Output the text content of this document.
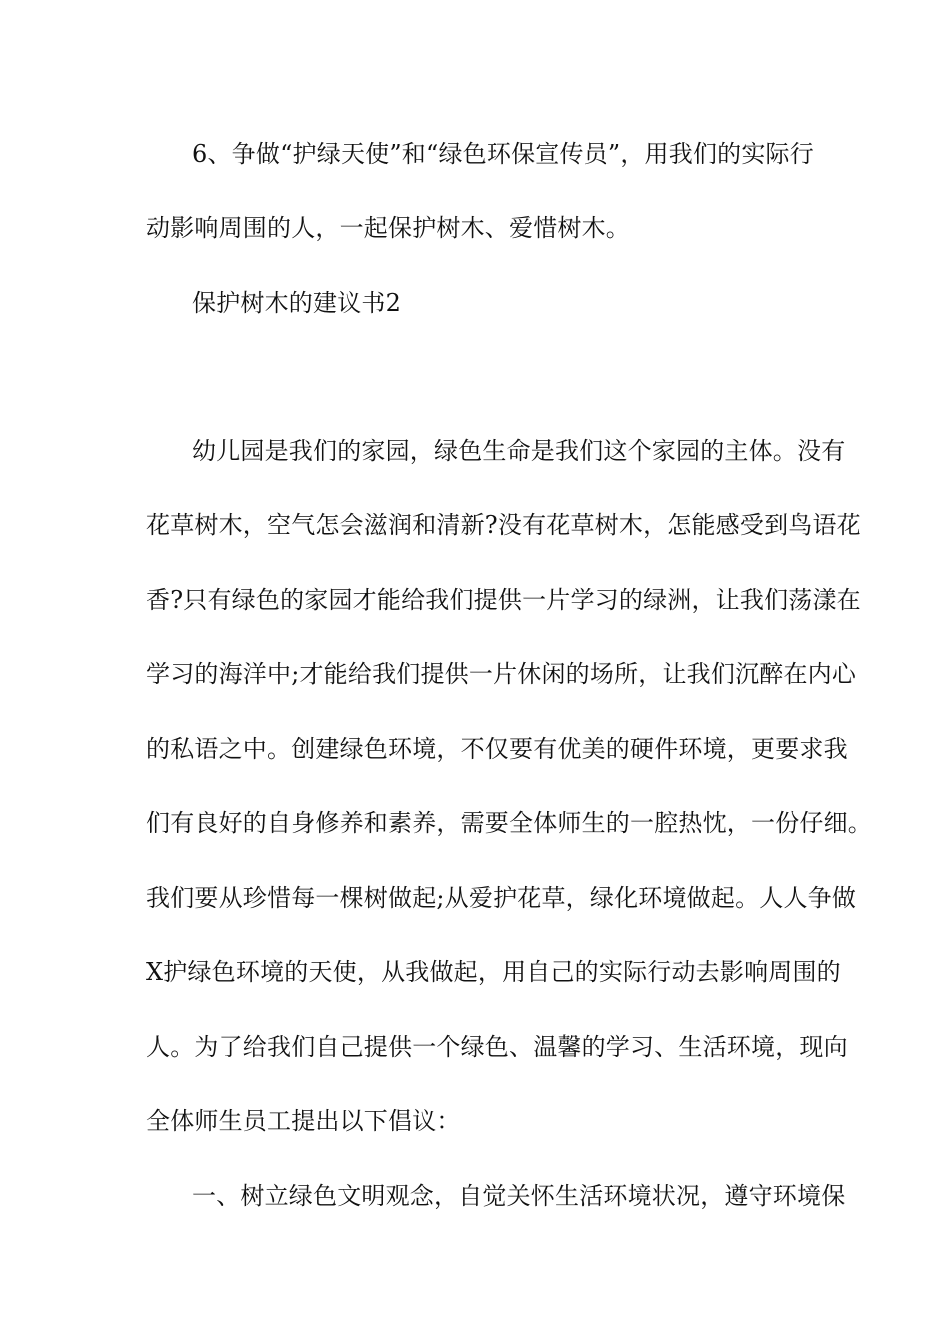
6、争做“护绿天使”和“绿色环保宣传员”，用我们的实际行
动影响周围的人，一起保护树木、爱惜树木。
保护树木的建议书2
幼儿园是我们的家园，绿色生命是我们这个家园的主体。没有
花草树木，空气怎会滋润和清新?没有花草树木，怎能感受到鸟语花
香?只有绿色的家园才能给我们提供一片学习的绿洲，让我们荡漾在
学习的海洋中;才能给我们提供一片休闲的场所，让我们沉醉在内心
的私语之中。创建绿色环境，不仅要有优美的硬件环境，更要求我
们有良好的自身修养和素养，需要全体师生的一腔热忱，一份仔细。
我们要从珍惜每一棵树做起;从爱护花草，绿化环境做起。人人争做
X护绿色环境的天使，从我做起，用自己的实际行动去影响周围的
人。为了给我们自己提供一个绿色、温馨的学习、生活环境，现向
全体师生员工提出以下倡议：
一、树立绿色文明观念，自觉关怀生活环境状况，遵守环境保
